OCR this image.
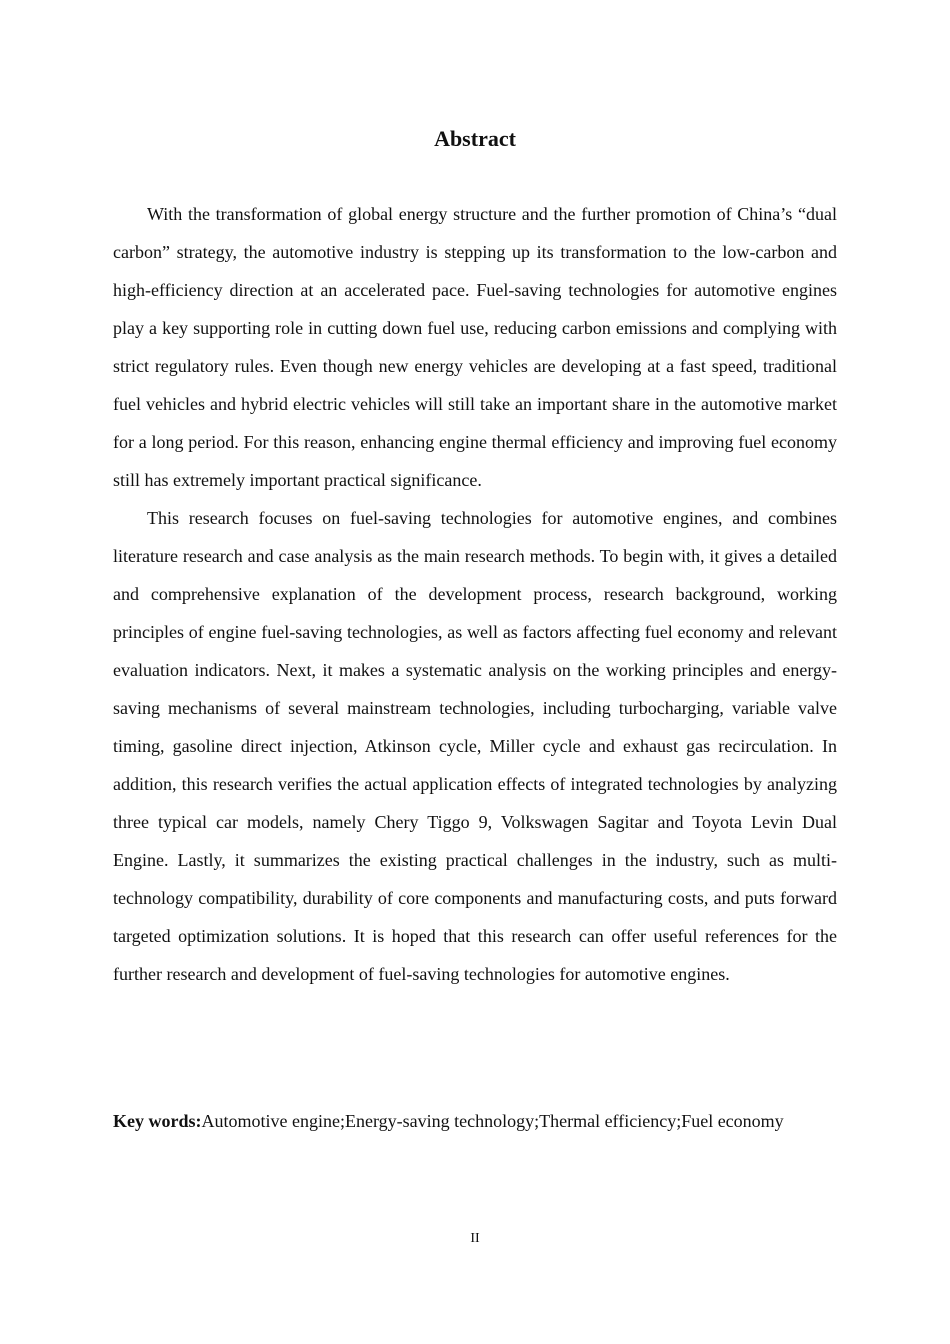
Abstract

With the transformation of global energy structure and the further promotion of China’s “dual carbon” strategy, the automotive industry is stepping up its transformation to the low-carbon and high-efficiency direction at an accelerated pace. Fuel-saving technologies for automotive engines play a key supporting role in cutting down fuel use, reducing carbon emissions and complying with strict regulatory rules. Even though new energy vehicles are developing at a fast speed, traditional fuel vehicles and hybrid electric vehicles will still take an important share in the automotive market for a long period. For this reason, enhancing engine thermal efficiency and improving fuel economy still has extremely important practical significance.

This research focuses on fuel-saving technologies for automotive engines, and combines literature research and case analysis as the main research methods. To begin with, it gives a detailed and comprehensive explanation of the development process, research background, working principles of engine fuel-saving technologies, as well as factors affecting fuel economy and relevant evaluation indicators. Next, it makes a systematic analysis on the working principles and energy-saving mechanisms of several mainstream technologies, including turbocharging, variable valve timing, gasoline direct injection, Atkinson cycle, Miller cycle and exhaust gas recirculation. In addition, this research verifies the actual application effects of integrated technologies by analyzing three typical car models, namely Chery Tiggo 9, Volkswagen Sagitar and Toyota Levin Dual Engine. Lastly, it summarizes the existing practical challenges in the industry, such as multi-technology compatibility, durability of core components and manufacturing costs, and puts forward targeted optimization solutions. It is hoped that this research can offer useful references for the further research and development of fuel-saving technologies for automotive engines.

Key words:Automotive engine;Energy-saving technology;Thermal efficiency;Fuel economy

II
